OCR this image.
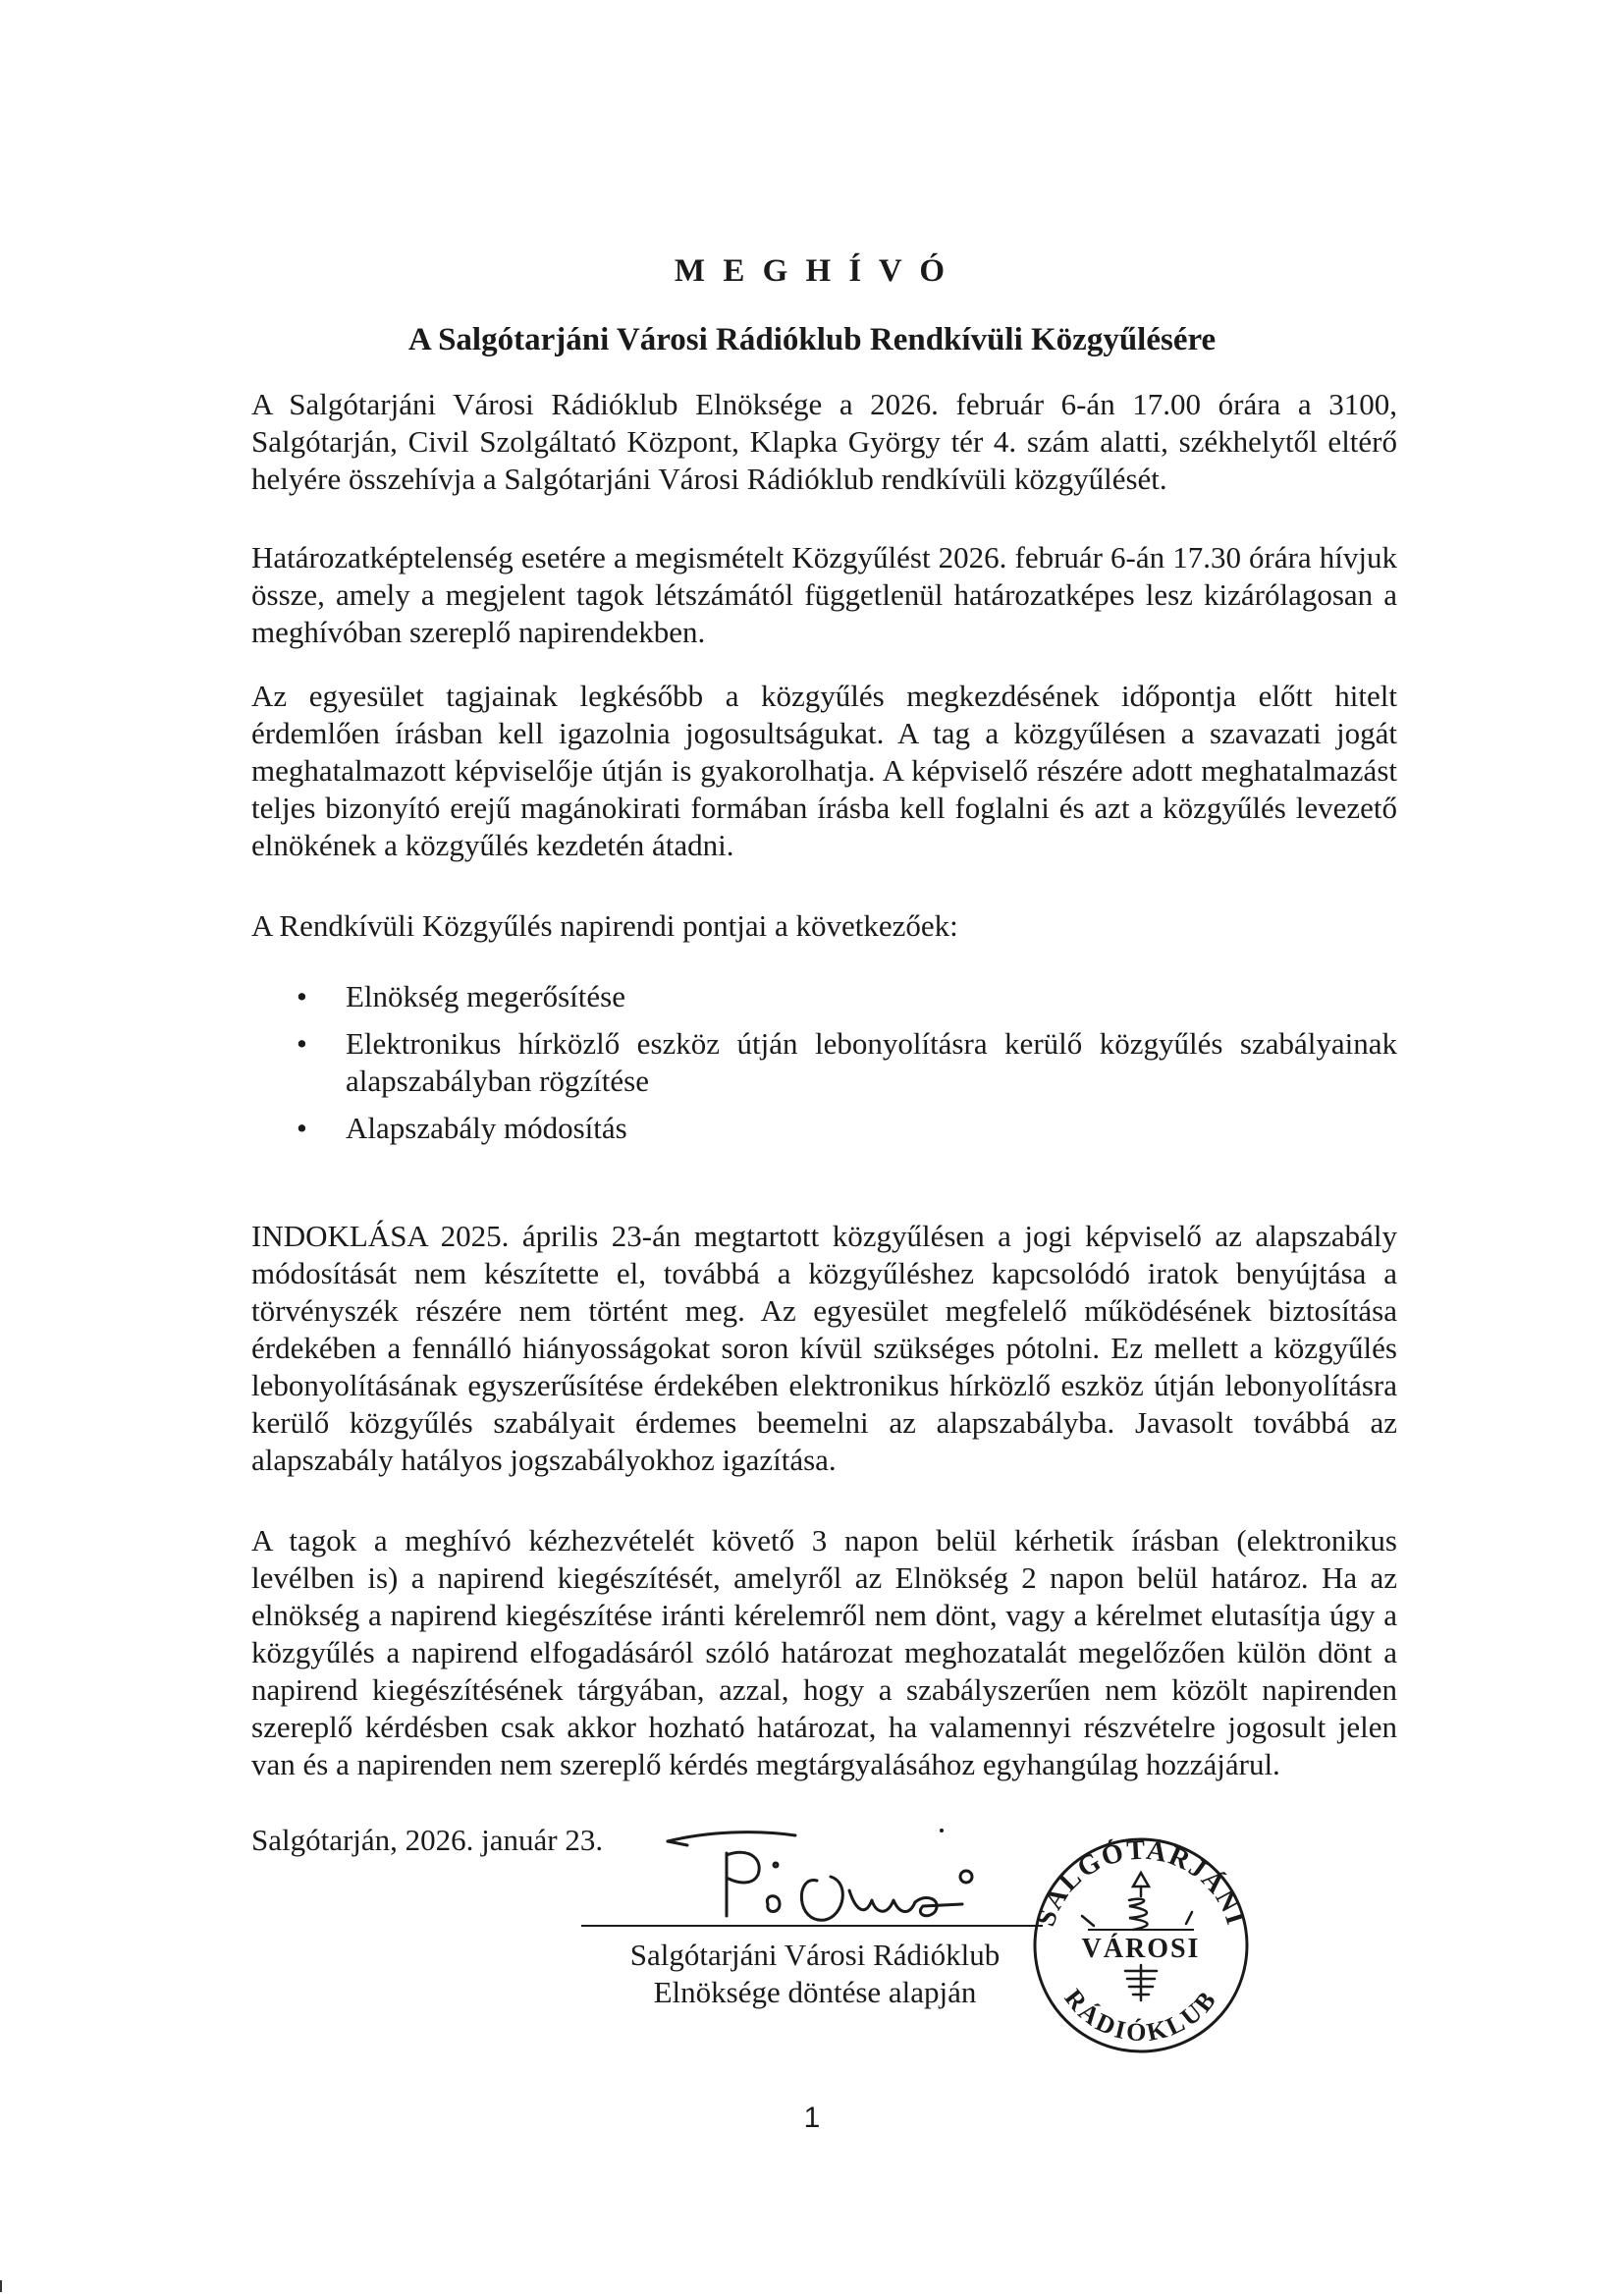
M E G H Í V Ó
A Salgótarjáni Városi Rádióklub Rendkívüli Közgyűlésére

A Salgótarjáni Városi Rádióklub Elnöksége a 2026. február 6-án 17.00 órára a 3100, Salgótarján, Civil Szolgáltató Központ, Klapka György tér 4. szám alatti, székhelytől eltérő helyére összehívja a Salgótarjáni Városi Rádióklub rendkívüli közgyűlését.

Határozatképtelenség esetére a megismételt Közgyűlést 2026. február 6-án 17.30 órára hívjuk össze, amely a megjelent tagok létszámától függetlenül határozatképes lesz kizárólagosan a meghívóban szereplő napirendekben.

Az egyesület tagjainak legkésőbb a közgyűlés megkezdésének időpontja előtt hitelt érdemlően írásban kell igazolnia jogosultságukat. A tag a közgyűlésen a szavazati jogát meghatalmazott képviselője útján is gyakorolhatja. A képviselő részére adott meghatalmazást teljes bizonyító erejű magánokirati formában írásba kell foglalni és azt a közgyűlés levezető elnökének a közgyűlés kezdetén átadni.

A Rendkívüli Közgyűlés napirendi pontjai a következőek:

• Elnökség megerősítése
• Elektronikus hírközlő eszköz útján lebonyolításra kerülő közgyűlés szabályainak alapszabályban rögzítése
• Alapszabály módosítás

INDOKLÁSA 2025. április 23-án megtartott közgyűlésen a jogi képviselő az alapszabály módosítását nem készítette el, továbbá a közgyűléshez kapcsolódó iratok benyújtása a törvényszék részére nem történt meg. Az egyesület megfelelő működésének biztosítása érdekében a fennálló hiányosságokat soron kívül szükséges pótolni. Ez mellett a közgyűlés lebonyolításának egyszerűsítése érdekében elektronikus hírközlő eszköz útján lebonyolításra kerülő közgyűlés szabályait érdemes beemelni az alapszabályba. Javasolt továbbá az alapszabály hatályos jogszabályokhoz igazítása.

A tagok a meghívó kézhezvételét követő 3 napon belül kérhetik írásban (elektronikus levélben is) a napirend kiegészítését, amelyről az Elnökség 2 napon belül határoz. Ha az elnökség a napirend kiegészítése iránti kérelemről nem dönt, vagy a kérelmet elutasítja úgy a közgyűlés a napirend elfogadásáról szóló határozat meghozatalát megelőzően külön dönt a napirend kiegészítésének tárgyában, azzal, hogy a szabályszerűen nem közölt napirenden szereplő kérdésben csak akkor hozható határozat, ha valamennyi részvételre jogosult jelen van és a napirenden nem szereplő kérdés megtárgyalásához egyhangúlag hozzájárul.

Salgótarján, 2026. január 23.

Salgótarjáni Városi Rádióklub
Elnöksége döntése alapján
SALGÓTARJÁNI
RÁDIÓKLUB
VÁROSI
1
